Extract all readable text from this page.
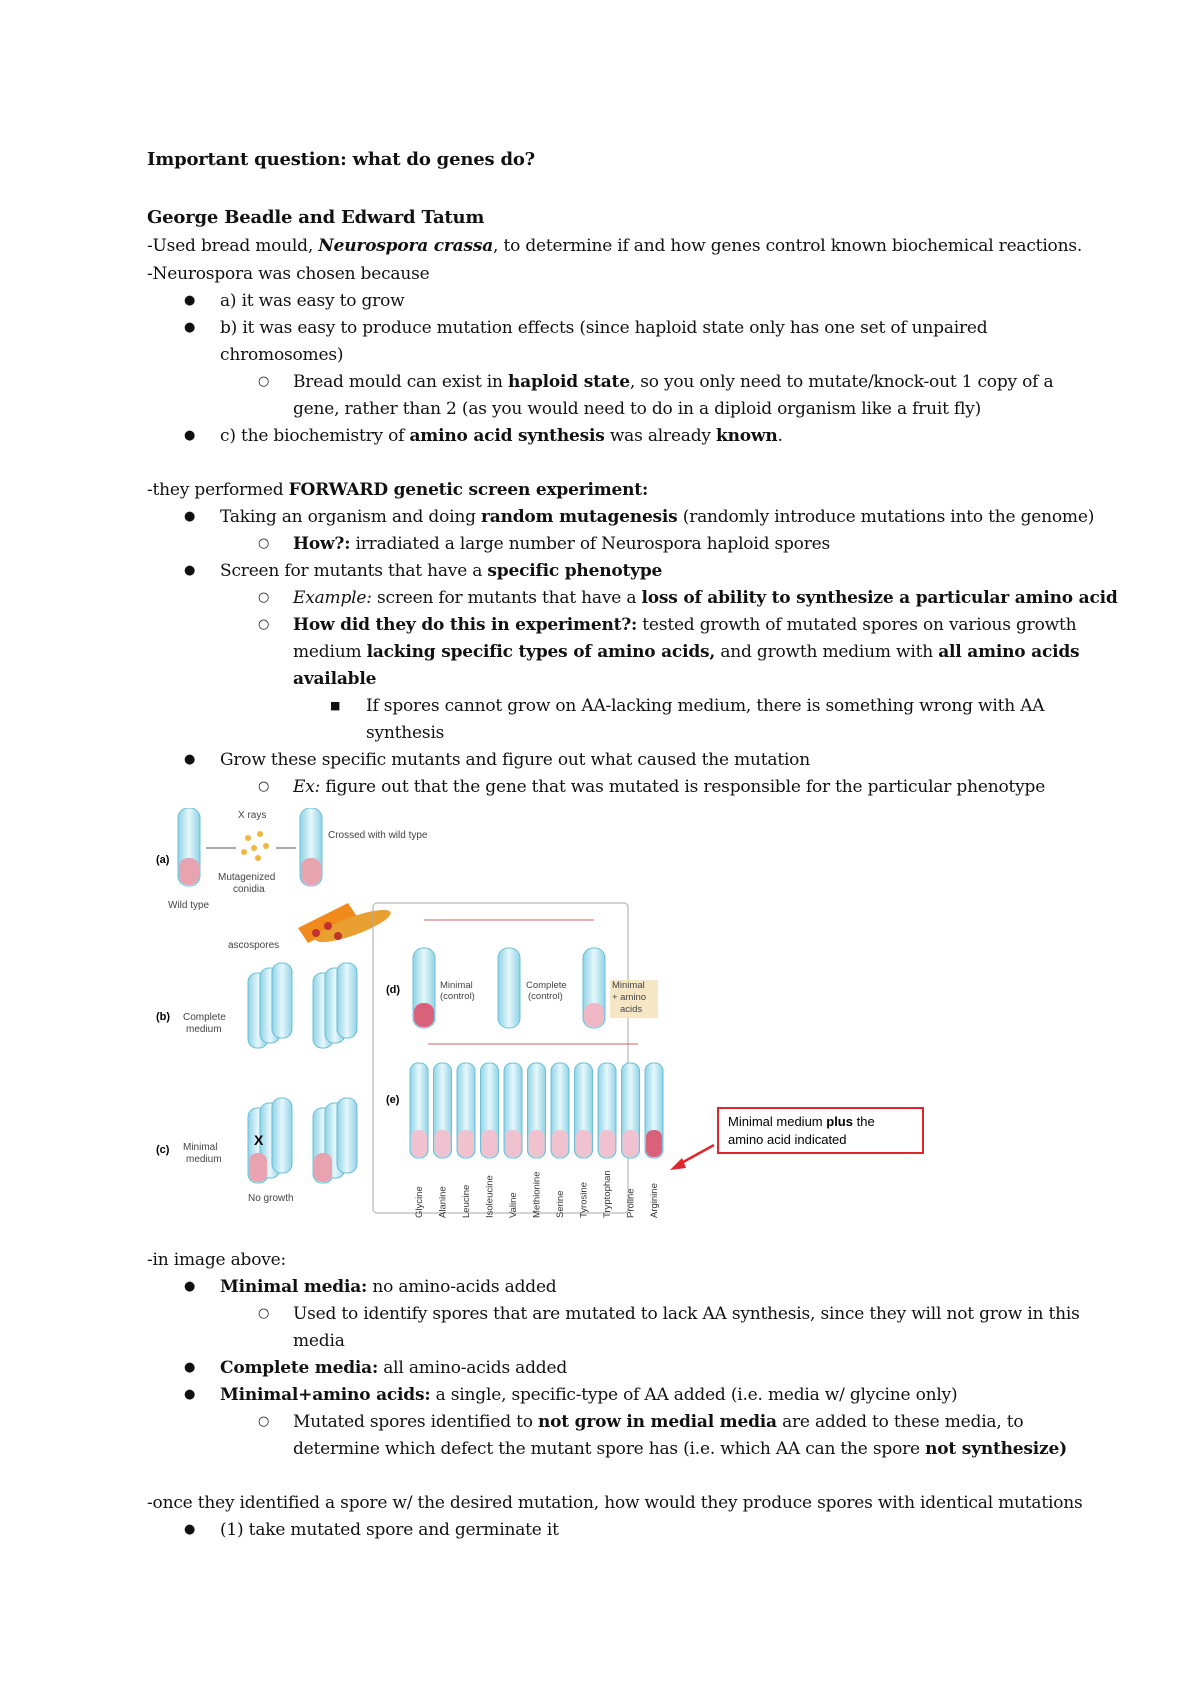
Important question: what do genes do?
George Beadle and Edward Tatum
-Used bread mould, Neurospora crassa, to determine if and how genes control known biochemical reactions.
-Neurospora was chosen because
● a) it was easy to grow
● b) it was easy to produce mutation effects (since haploid state only has one set of unpaired
chromosomes)
○ Bread mould can exist in haploid state, so you only need to mutate/knock-out 1 copy of a
gene, rather than 2 (as you would need to do in a diploid organism like a fruit fly)
● c) the biochemistry of amino acid synthesis was already known.
-they performed FORWARD genetic screen experiment:
● Taking an organism and doing random mutagenesis (randomly introduce mutations into the genome)
○ How?: irradiated a large number of Neurospora haploid spores
● Screen for mutants that have a specific phenotype
○ Example: screen for mutants that have a loss of ability to synthesize a particular amino acid
○ How did they do this in experiment?: tested growth of mutated spores on various growth
medium lacking specific types of amino acids, and growth medium with all amino acids
available
■ If spores cannot grow on AA-lacking medium, there is something wrong with AA
synthesis
● Grow these specific mutants and figure out what caused the mutation
○ Ex: figure out that the gene that was mutated is responsible for the particular phenotype
(a)
Wild type
X rays
Mutagenized
conidia
Crossed with wild type
ascospores
(b) Complete
medium
(c) Minimal
medium
X
No growth
(d)	Minimal
(control)
Complete
(control)
Minimal
+ amino
acids
(e)
Glycine Alanine Leucine Isoleucine Valine Methionine Serine Tyrosine Tryptophan Proline Arginine
Minimal medium plus the
amino acid indicated
-in image above:
● Minimal media: no amino-acids added
○ Used to identify spores that are mutated to lack AA synthesis, since they will not grow in this
media
● Complete media: all amino-acids added
● Minimal+amino acids: a single, specific-type of AA added (i.e. media w/ glycine only)
○ Mutated spores identified to not grow in medial media are added to these media, to
determine which defect the mutant spore has (i.e. which AA can the spore not synthesize)
-once they identified a spore w/ the desired mutation, how would they produce spores with identical mutations
● (1) take mutated spore and germinate it
